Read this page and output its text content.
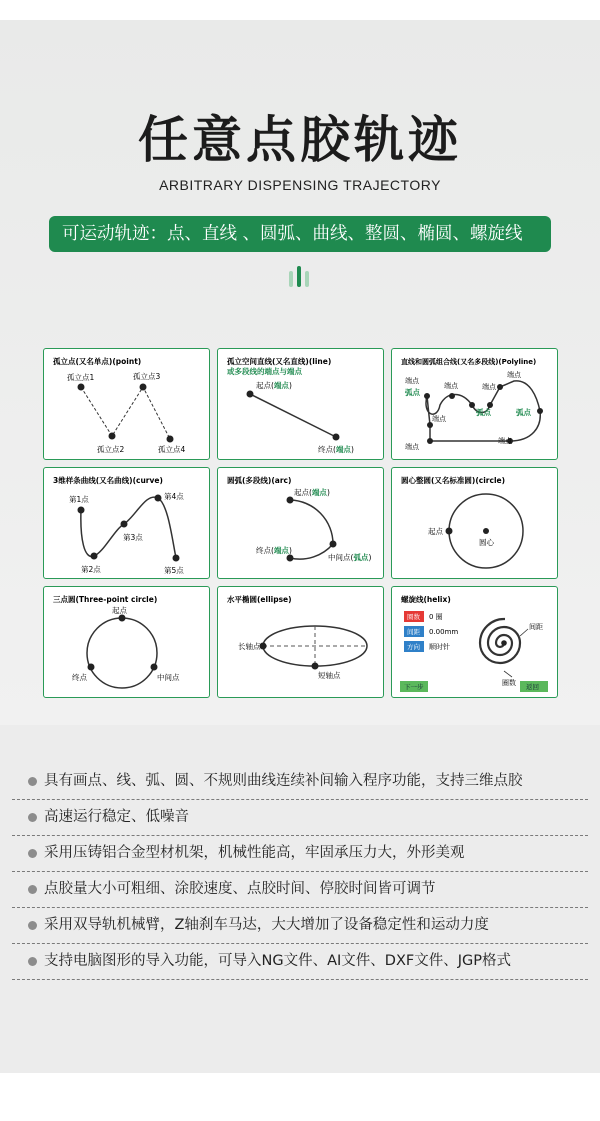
任意点胶轨迹
ARBITRARY DISPENSING TRAJECTORY
可运动轨迹：点、直线 、圆弧、曲线、整圆、椭圆、螺旋线
孤立点(又名单点)(point)
孤立点1
孤立点2
孤立点3
孤立点4
孤立空间直线(又名直线)(line)
或多段线的端点与端点
起点(端点)
终点(端点)
直线和圆弧组合线(又名多段线)(Polyline)
端点
端点	端点
端点
端点
端点
端点
弧点
弧点	弧点
3维样条曲线(又名曲线)(curve)
第1点
第2点
第3点
第4点
第5点
圆弧(多段线)(arc)
起点(端点)
终点(端点)
中间点(弧点)
圆心整圆(又名标准圆)(circle)
起点
圆心
三点圆(Three-point circle)
起点
终点	中间点
水平椭圆(ellipse)
长轴点
短轴点
螺旋线(helix)
圈数 0 圈
间距 0.00mm
方向 顺时针
间距
圈数
下一步	返回
具有画点、线、弧、圆、不规则曲线连续补间输入程序功能，支持三维点胶
高速运行稳定、低噪音
采用压铸铝合金型材机架，机械性能高，牢固承压力大，外形美观
点胶量大小可粗细、涂胶速度、点胶时间、停胶时间皆可调节
采用双导轨机械臂，Z轴刹车马达，大大增加了设备稳定性和运动力度
支持电脑图形的导入功能，可导入NG文件、AI文件、DXF文件、JGP格式
